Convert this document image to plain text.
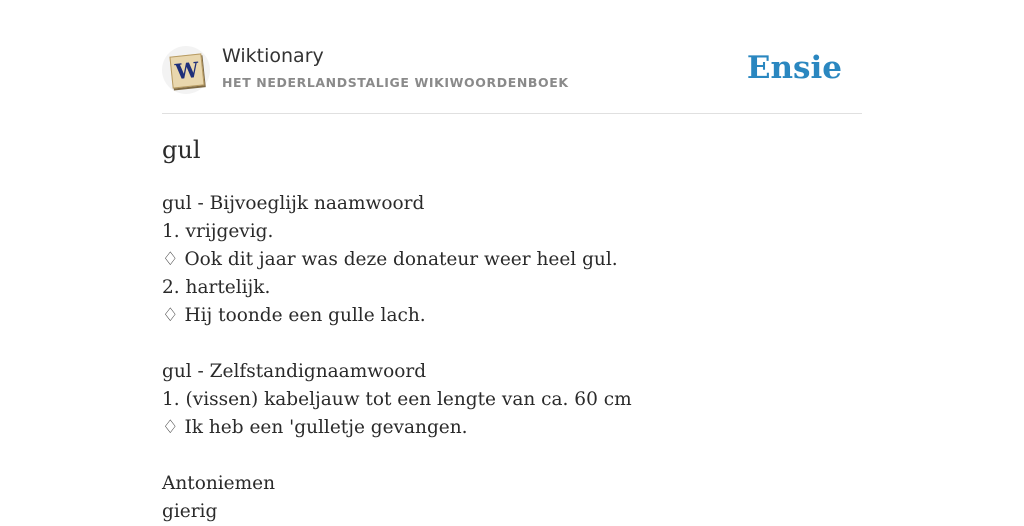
W
Wiktionary
HET NEDERLANDSTALIGE WIKIWOORDENBOEK	Ensie
gul
gul - Bijvoeglijk naamwoord
1. vrijgevig.
♢ Ook dit jaar was deze donateur weer heel gul.
2. hartelijk.
♢ Hij toonde een gulle lach.
gul - Zelfstandignaamwoord
1. (vissen) kabeljauw tot een lengte van ca. 60 cm
♢ Ik heb een 'gulletje gevangen.
Antoniemen
gierig
